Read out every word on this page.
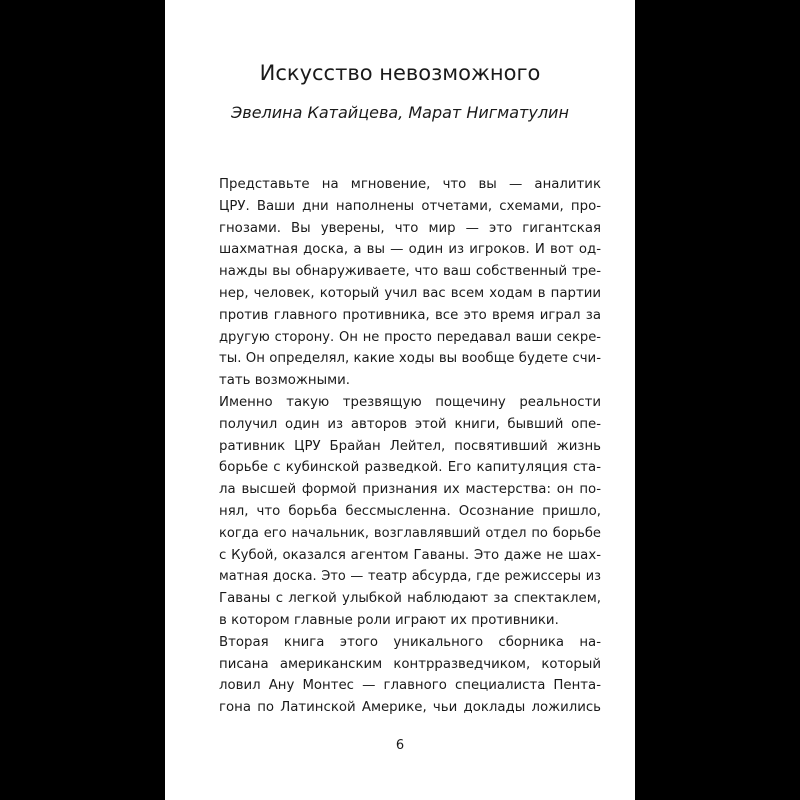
Искусство невозможного
Эвелина Катайцева, Марат Нигматулин

Представьте на мгновение, что вы — аналитик
ЦРУ. Ваши дни наполнены отчетами, схемами, про-
гнозами. Вы уверены, что мир — это гигантская
шахматная доска, а вы — один из игроков. И вот од-
нажды вы обнаруживаете, что ваш собственный тре-
нер, человек, который учил вас всем ходам в партии
против главного противника, все это время играл за
другую сторону. Он не просто передавал ваши секре-
ты. Он определял, какие ходы вы вообще будете счи-
тать возможными.

Именно такую трезвящую пощечину реальности
получил один из авторов этой книги, бывший опе-
ративник ЦРУ Брайан Лейтел, посвятивший жизнь
борьбе с кубинской разведкой. Его капитуляция ста-
ла высшей формой признания их мастерства: он по-
нял, что борьба бессмысленна. Осознание пришло,
когда его начальник, возглавлявший отдел по борьбе
с Кубой, оказался агентом Гаваны. Это даже не шах-
матная доска. Это — театр абсурда, где режиссеры из
Гаваны с легкой улыбкой наблюдают за спектаклем,
в котором главные роли играют их противники.

Вторая книга этого уникального сборника на-
писана американским контрразведчиком, который
ловил Ану Монтес — главного специалиста Пента-
гона по Латинской Америке, чьи доклады ложились

6
